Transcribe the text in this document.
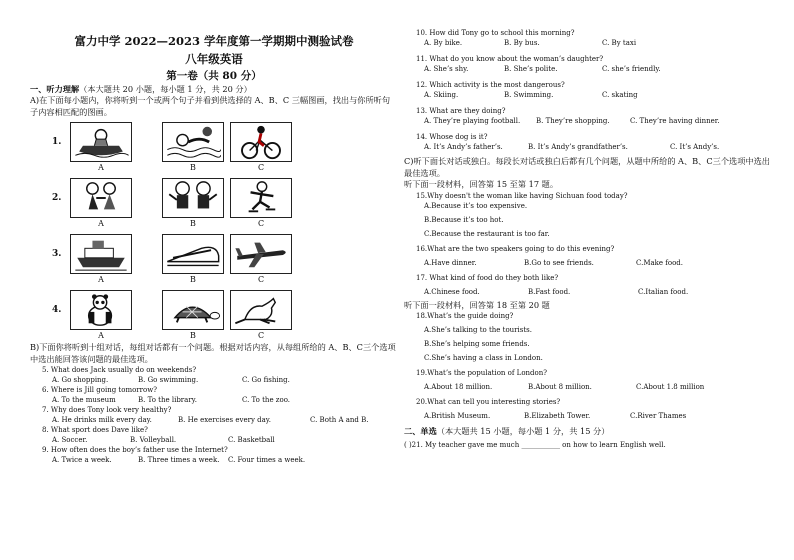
富力中学 2022—2023 学年度第一学期期中测验试卷
八年级英语
第一卷（共 80 分）
一、听力理解（本大题共 20 小题，每小题 1 分，共 20 分）
A)在下面每小题内，你将听到一个或两个句子并看到供选择的 A、B、C 三幅图画，找出与你所听句子内容相匹配的图画。
1.
A	B	C
2.
A	B	C
3.
A	B	C
4.
A	B	C
B)下面你将听到十组对话，每组对话都有一个问题。根据对话内容，从每组所给的 A、B、C三个选项中选出能回答该问题的最佳选项。
5. What does Jack usually do on weekends?
A. Go shopping.	B. Go swimming.	C. Go fishing.
6. Where is Jill going tomorrow?
A. To the museum	B. To the library.	C. To the zoo.
7. Why does Tony look very healthy?
A. He drinks milk every day.	B. He exercises every day.	C. Both A and B.
8. What sport does Dave like?
A. Soccer.	B. Volleyball.	C. Basketball
9. How often does the boy’s father use the Internet?
A. Twice a week.	B. Three times a week. C. Four times a week.
10. How did Tony go to school this morning?
A. By bike.	B. By bus.	C. By taxi
11. What do you know about the woman’s daughter?
A. She’s shy.	B. She’s polite.	C. she’s friendly.
12. Which activity is the most dangerous?
A. Skiing.	B. Swimming.	C. skating
13. What are they doing?
A. They’re playing football. B. They’re shopping.	C. They’re having dinner.
14. Whose dog is it?
A. It’s Andy’s father’s.	B. It’s Andy’s grandfather’s.	C. It’s Andy’s.
C)听下面长对话或独白。每段长对话或独白后都有几个问题，从题中所给的 A、B、C三个选项中选出最佳选项。
听下面一段材料，回答第 15 至第 17 题。
15.Why doesn't the woman like having Sichuan food today?
A.Because it’s too expensive.
B.Because it’s too hot.
C.Because the restaurant is too far.
16.What are the two speakers going to do this evening?
A.Have dinner.	B.Go to see friends.	C.Make food.
17. What kind of food do they both like?
A.Chinese food.	B.Fast food.	C.Italian food.
听下面一段材料，回答第 18 至第 20 题
18.What’s the guide doing?
A.She’s talking to the tourists.
B.She’s helping some friends.
C.She’s having a class in London.
19.What’s the population of London?
A.About 18 million.	B.About 8 million.	C.About 1.8 million
20.What can tell you interesting stories?
A.British Museum.	B.Elizabeth Tower.	C.River Thames
二、单选（本大题共 15 小题，每小题 1 分，共 15 分）
( )21. My teacher gave me much ___________ on how to learn English well.
